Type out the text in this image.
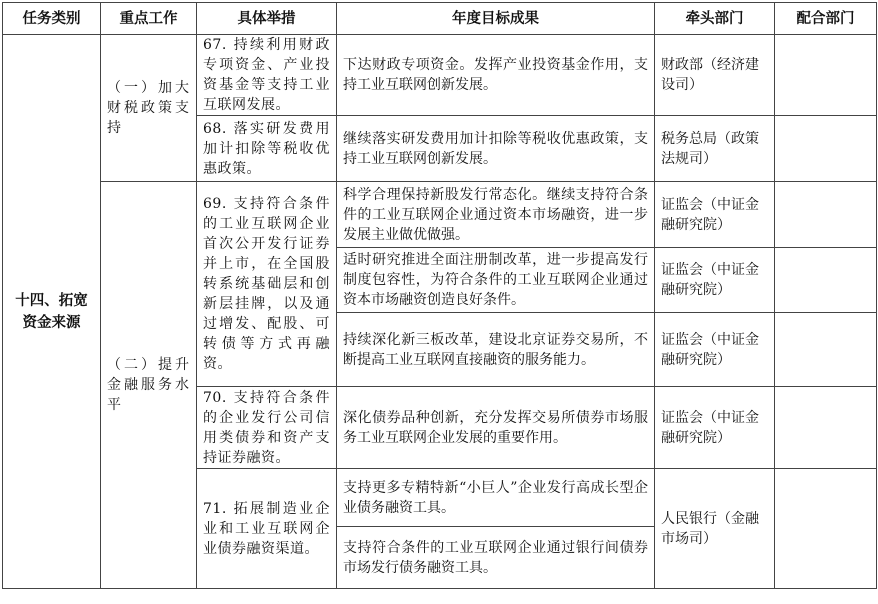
任务类别	重点工作	具体举措	年度目标成果	牵头部门	配合部门
十四、拓宽资金来源	（一）加大财税政策支持	67. 持续利用财政专项资金、产业投资基金等支持工业互联网发展。	下达财政专项资金。发挥产业投资基金作用，支持工业互联网创新发展。	财政部（经济建设司）	
		68. 落实研发费用加计扣除等税收优惠政策。	继续落实研发费用加计扣除等税收优惠政策，支持工业互联网创新发展。	税务总局（政策法规司）	
	（二）提升金融服务水平	69. 支持符合条件的工业互联网企业首次公开发行证券并上市，在全国股转系统基础层和创新层挂牌，以及通过增发、配股、可转债等方式再融资。	科学合理保持新股发行常态化。继续支持符合条件的工业互联网企业通过资本市场融资，进一步发展主业做优做强。	证监会（中证金融研究院）	
			适时研究推进全面注册制改革，进一步提高发行制度包容性，为符合条件的工业互联网企业通过资本市场融资创造良好条件。	证监会（中证金融研究院）	
			持续深化新三板改革，建设北京证券交易所，不断提高工业互联网直接融资的服务能力。	证监会（中证金融研究院）	
		70. 支持符合条件的企业发行公司信用类债券和资产支持证券融资。	深化债券品种创新，充分发挥交易所债券市场服务工业互联网企业发展的重要作用。	证监会（中证金融研究院）	
		71. 拓展制造业企业和工业互联网企业债券融资渠道。	支持更多专精特新“小巨人”企业发行高成长型企业债务融资工具。	人民银行（金融市场司）	
			支持符合条件的工业互联网企业通过银行间债券市场发行债务融资工具。		
